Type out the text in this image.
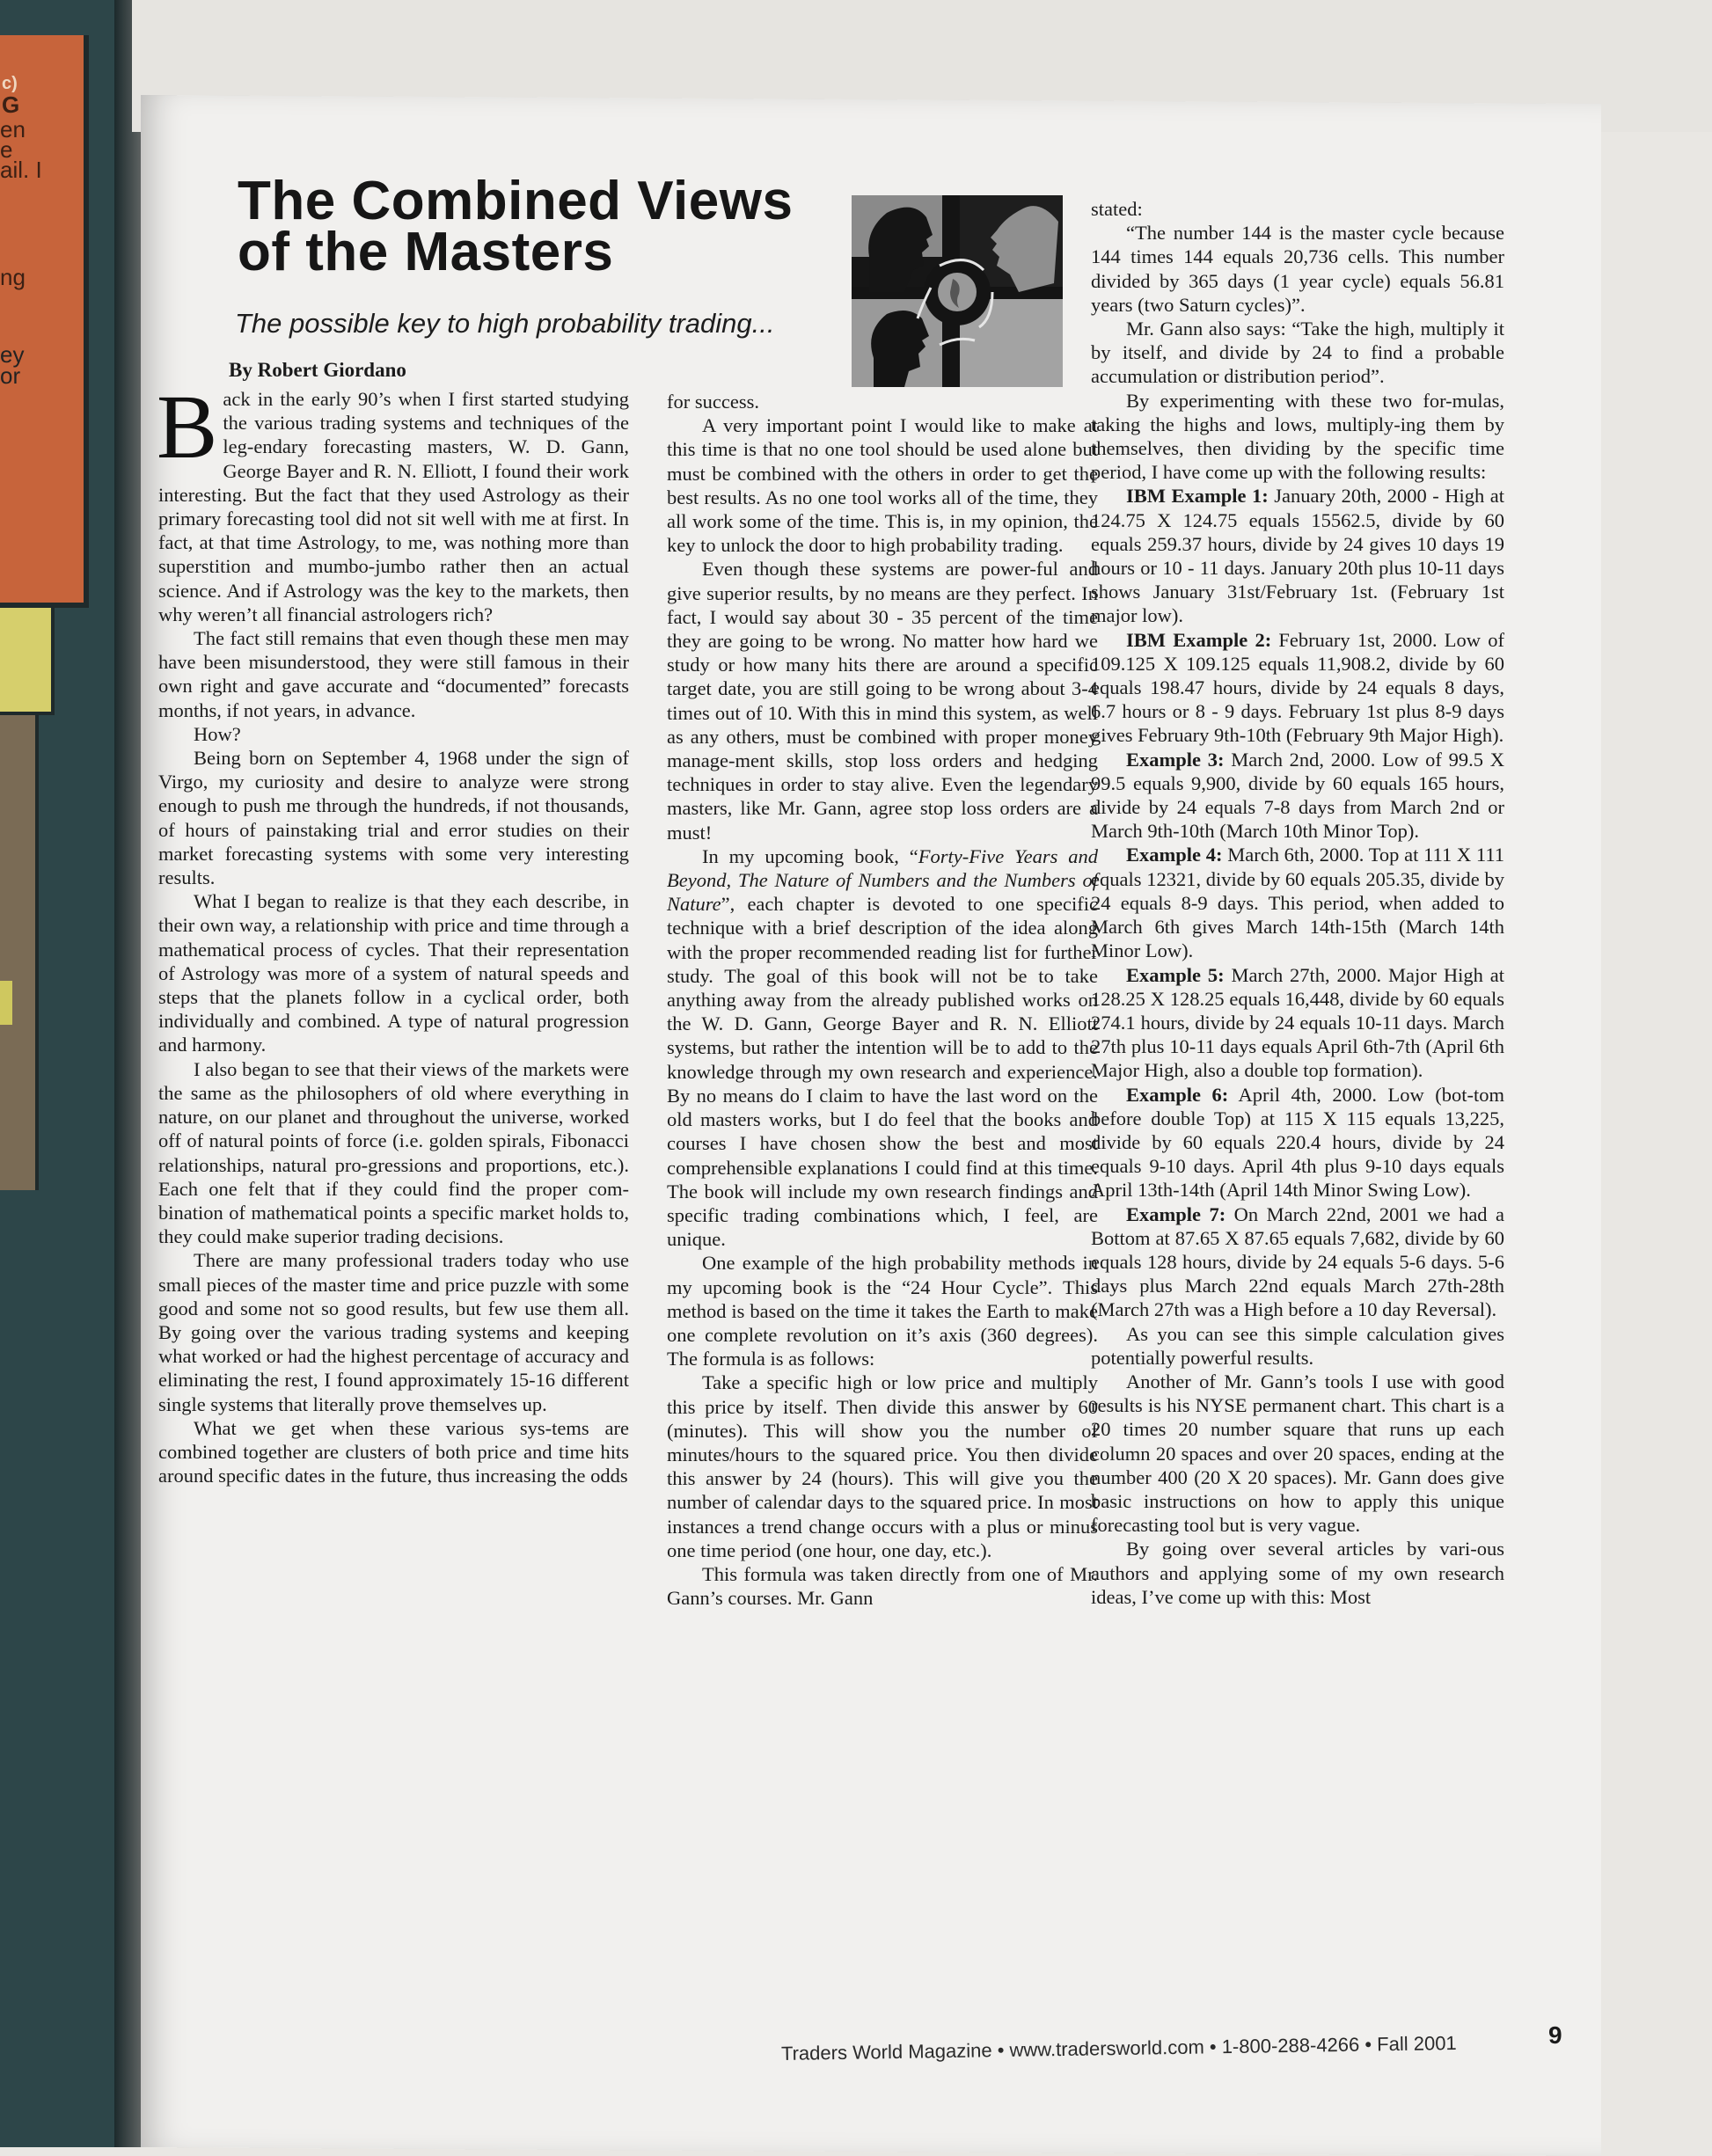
c)
G
en
e
ail. I
ng
ey
or
The Combined Views
of the Masters

The possible key to high probability trading...

By Robert Giordano

Back in the early 90’s when I first started studying the various trading systems and techniques of the leg-endary forecasting masters, W. D. Gann, George Bayer and R. N. Elliott, I found their work interesting. But the fact that they used Astrology as their primary forecasting tool did not sit well with me at first. In fact, at that time Astrology, to me, was nothing more than superstition and mumbo-jumbo rather then an actual science. And if Astrology was the key to the markets, then why weren’t all financial astrologers rich?

The fact still remains that even though these men may have been misunderstood, they were still famous in their own right and gave accurate and “documented” forecasts months, if not years, in advance.

How?

Being born on September 4, 1968 under the sign of Virgo, my curiosity and desire to analyze were strong enough to push me through the hundreds, if not thousands, of hours of painstaking trial and error studies on their market forecasting systems with some very interesting results.

What I began to realize is that they each describe, in their own way, a relationship with price and time through a mathematical process of cycles. That their representation of Astrology was more of a system of natural speeds and steps that the planets follow in a cyclical order, both individually and combined. A type of natural progression and harmony.

I also began to see that their views of the markets were the same as the philosophers of old where everything in nature, on our planet and throughout the universe, worked off of natural points of force (i.e. golden spirals, Fibonacci relationships, natural pro-gressions and proportions, etc.). Each one felt that if they could find the proper com-bination of mathematical points a specific market holds to, they could make superior trading decisions.

There are many professional traders today who use small pieces of the master time and price puzzle with some good and some not so good results, but few use them all. By going over the various trading systems and keeping what worked or had the highest percentage of accuracy and eliminating the rest, I found approximately 15-16 different single systems that literally prove themselves up.

What we get when these various sys-tems are combined together are clusters of both price and time hits around specific dates in the future, thus increasing the odds

for success.

A very important point I would like to make at this time is that no one tool should be used alone but must be combined with the others in order to get the best results. As no one tool works all of the time, they all work some of the time. This is, in my opinion, the key to unlock the door to high probability trading.

Even though these systems are power-ful and give superior results, by no means are they perfect. In fact, I would say about 30 - 35 percent of the time they are going to be wrong. No matter how hard we study or how many hits there are around a specific target date, you are still going to be wrong about 3-4 times out of 10. With this in mind this system, as well as any others, must be combined with proper money manage-ment skills, stop loss orders and hedging techniques in order to stay alive. Even the legendary masters, like Mr. Gann, agree stop loss orders are a must!

In my upcoming book, “Forty-Five Years and Beyond, The Nature of Numbers and the Numbers of Nature”, each chapter is devoted to one specific technique with a brief description of the idea along with the proper recommended reading list for further study. The goal of this book will not be to take anything away from the already published works on the W. D. Gann, George Bayer and R. N. Elliott systems, but rather the intention will be to add to the knowledge through my own research and experience. By no means do I claim to have the last word on the old masters works, but I do feel that the books and courses I have chosen show the best and most comprehensible explanations I could find at this time. The book will include my own research findings and specific trading combinations which, I feel, are unique.

One example of the high probability methods in my upcoming book is the “24 Hour Cycle”. This method is based on the time it takes the Earth to make one complete revolution on it’s axis (360 degrees). The formula is as follows:

Take a specific high or low price and multiply this price by itself. Then divide this answer by 60 (minutes). This will show you the number of minutes/hours to the squared price. You then divide this answer by 24 (hours). This will give you the number of calendar days to the squared price. In most instances a trend change occurs with a plus or minus one time period (one hour, one day, etc.).

This formula was taken directly from one of Mr. Gann’s courses. Mr. Gann

stated:

“The number 144 is the master cycle because 144 times 144 equals 20,736 cells. This number divided by 365 days (1 year cycle) equals 56.81 years (two Saturn cycles)”.

Mr. Gann also says: “Take the high, multiply it by itself, and divide by 24 to find a probable accumulation or distribution period”.

By experimenting with these two for-mulas, taking the highs and lows, multiply-ing them by themselves, then dividing by the specific time period, I have come up with the following results:

IBM Example 1: January 20th, 2000 - High at 124.75 X 124.75 equals 15562.5, divide by 60 equals 259.37 hours, divide by 24 gives 10 days 19 hours or 10 - 11 days. January 20th plus 10-11 days shows January 31st/February 1st. (February 1st major low).

IBM Example 2: February 1st, 2000. Low of 109.125 X 109.125 equals 11,908.2, divide by 60 equals 198.47 hours, divide by 24 equals 8 days, 6.7 hours or 8 - 9 days. February 1st plus 8-9 days gives February 9th-10th (February 9th Major High).

Example 3: March 2nd, 2000. Low of 99.5 X 99.5 equals 9,900, divide by 60 equals 165 hours, divide by 24 equals 7-8 days from March 2nd or March 9th-10th (March 10th Minor Top).

Example 4: March 6th, 2000. Top at 111 X 111 equals 12321, divide by 60 equals 205.35, divide by 24 equals 8-9 days. This period, when added to March 6th gives March 14th-15th (March 14th Minor Low).

Example 5: March 27th, 2000. Major High at 128.25 X 128.25 equals 16,448, divide by 60 equals 274.1 hours, divide by 24 equals 10-11 days. March 27th plus 10-11 days equals April 6th-7th (April 6th Major High, also a double top formation).

Example 6: April 4th, 2000. Low (bot-tom before double Top) at 115 X 115 equals 13,225, divide by 60 equals 220.4 hours, divide by 24 equals 9-10 days. April 4th plus 9-10 days equals April 13th-14th (April 14th Minor Swing Low).

Example 7: On March 22nd, 2001 we had a Bottom at 87.65 X 87.65 equals 7,682, divide by 60 equals 128 hours, divide by 24 equals 5-6 days. 5-6 days plus March 22nd equals March 27th-28th (March 27th was a High before a 10 day Reversal).

As you can see this simple calculation gives potentially powerful results.

Another of Mr. Gann’s tools I use with good results is his NYSE permanent chart. This chart is a 20 times 20 number square that runs up each column 20 spaces and over 20 spaces, ending at the number 400 (20 X 20 spaces). Mr. Gann does give basic instructions on how to apply this unique forecasting tool but is very vague.

By going over several articles by vari-ous authors and applying some of my own research ideas, I’ve come up with this: Most

Traders World Magazine • www.tradersworld.com • 1-800-288-4266 • Fall 2001	9
